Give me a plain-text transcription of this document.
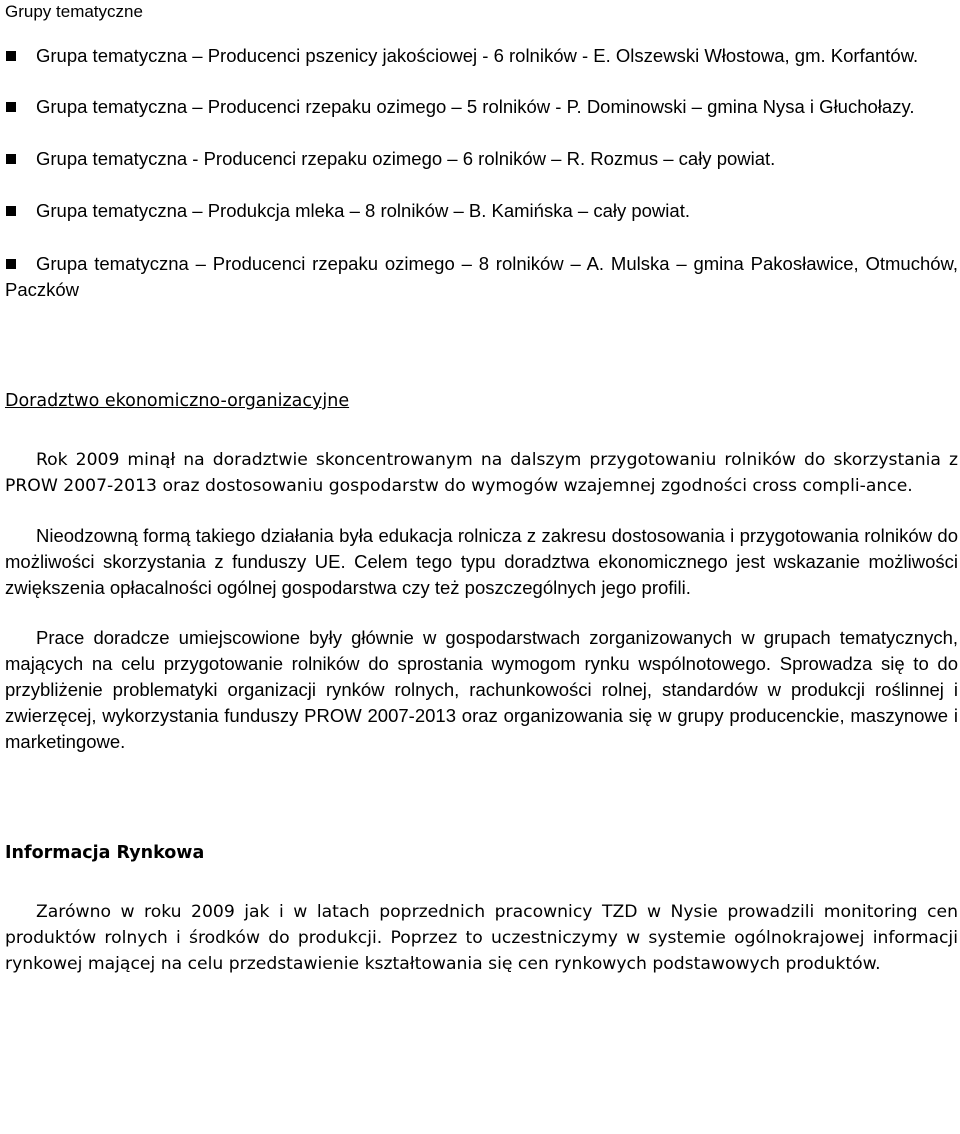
Grupy tematyczne
Grupa tematyczna – Producenci pszenicy jakościowej - 6 rolników - E. Olszewski Włostowa, gm. Korfantów.
Grupa tematyczna – Producenci rzepaku ozimego – 5 rolników - P. Dominowski – gmina Nysa i Głuchołazy.
Grupa tematyczna - Producenci rzepaku ozimego – 6 rolników – R. Rozmus – cały powiat.
Grupa tematyczna – Produkcja mleka – 8 rolników – B. Kamińska – cały powiat.
Grupa tematyczna – Producenci rzepaku ozimego – 8 rolników – A. Mulska – gmina Pakosławice, Otmuchów, Paczków
Doradztwo ekonomiczno-organizacyjne

Rok 2009 minął na doradztwie skoncentrowanym na dalszym przygotowaniu rolników do skorzystania z PROW 2007-2013 oraz dostosowaniu gospodarstw do wymogów wzajemnej zgodności cross compli-ance.

Nieodzowną formą takiego działania była edukacja rolnicza z zakresu dostosowania i przygotowania rolników do możliwości skorzystania z funduszy UE. Celem tego typu doradztwa ekonomicznego jest wskazanie możliwości zwiększenia opłacalności ogólnej gospodarstwa czy też poszczególnych jego profili.

Prace doradcze umiejscowione były głównie w gospodarstwach zorganizowanych w grupach tematycznych, mających na celu przygotowanie rolników do sprostania wymogom rynku wspólnotowego. Sprowadza się to do przybliżenie problematyki organizacji rynków rolnych, rachunkowości rolnej, standardów w produkcji roślinnej i zwierzęcej, wykorzystania funduszy PROW 2007-2013 oraz organizowania się w grupy producenckie, maszynowe i marketingowe.

Informacja Rynkowa

Zarówno w roku 2009 jak i w latach poprzednich pracownicy TZD w Nysie prowadzili monitoring cen produktów rolnych i środków do produkcji. Poprzez to uczestniczymy w systemie ogólnokrajowej informacji rynkowej mającej na celu przedstawienie kształtowania się cen rynkowych podstawowych produktów.
